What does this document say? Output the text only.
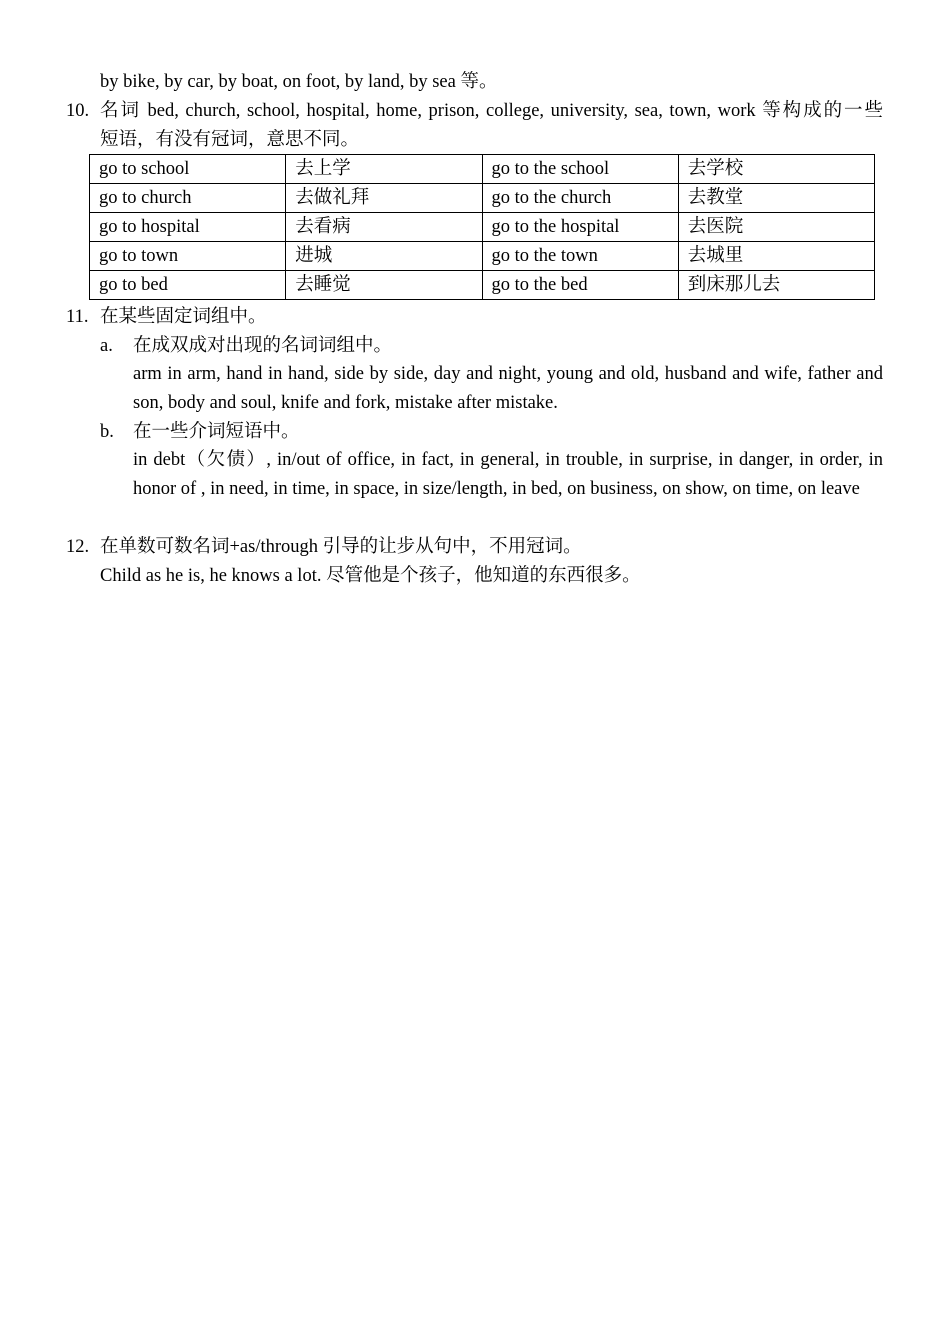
by bike, by car, by boat, on foot, by land, by sea 等。
10. 名词 bed, church, school, hospital, home, prison, college, university, sea, town, work 等构成的一些
短语，有没有冠词，意思不同。
go to school	去上学	go to the school	去学校
go to church	去做礼拜	go to the church	去教堂
go to hospital	去看病	go to the hospital	去医院
go to town	进城	go to the town	去城里
go to bed	去睡觉	go to the bed	到床那儿去
11. 在某些固定词组中。
a. 在成双成对出现的名词词组中。
arm in arm, hand in hand, side by side, day and night, young and old, husband and wife, father and son, body and soul, knife and fork, mistake after mistake.
b. 在一些介词短语中。
in debt（欠债）, in/out of office, in fact, in general, in trouble, in surprise, in danger, in order, in honor of , in need, in time, in space, in size/length, in bed, on business, on show, on time, on leave
12. 在单数可数名词+as/through 引导的让步从句中，不用冠词。
Child as he is, he knows a lot. 尽管他是个孩子，他知道的东西很多。
